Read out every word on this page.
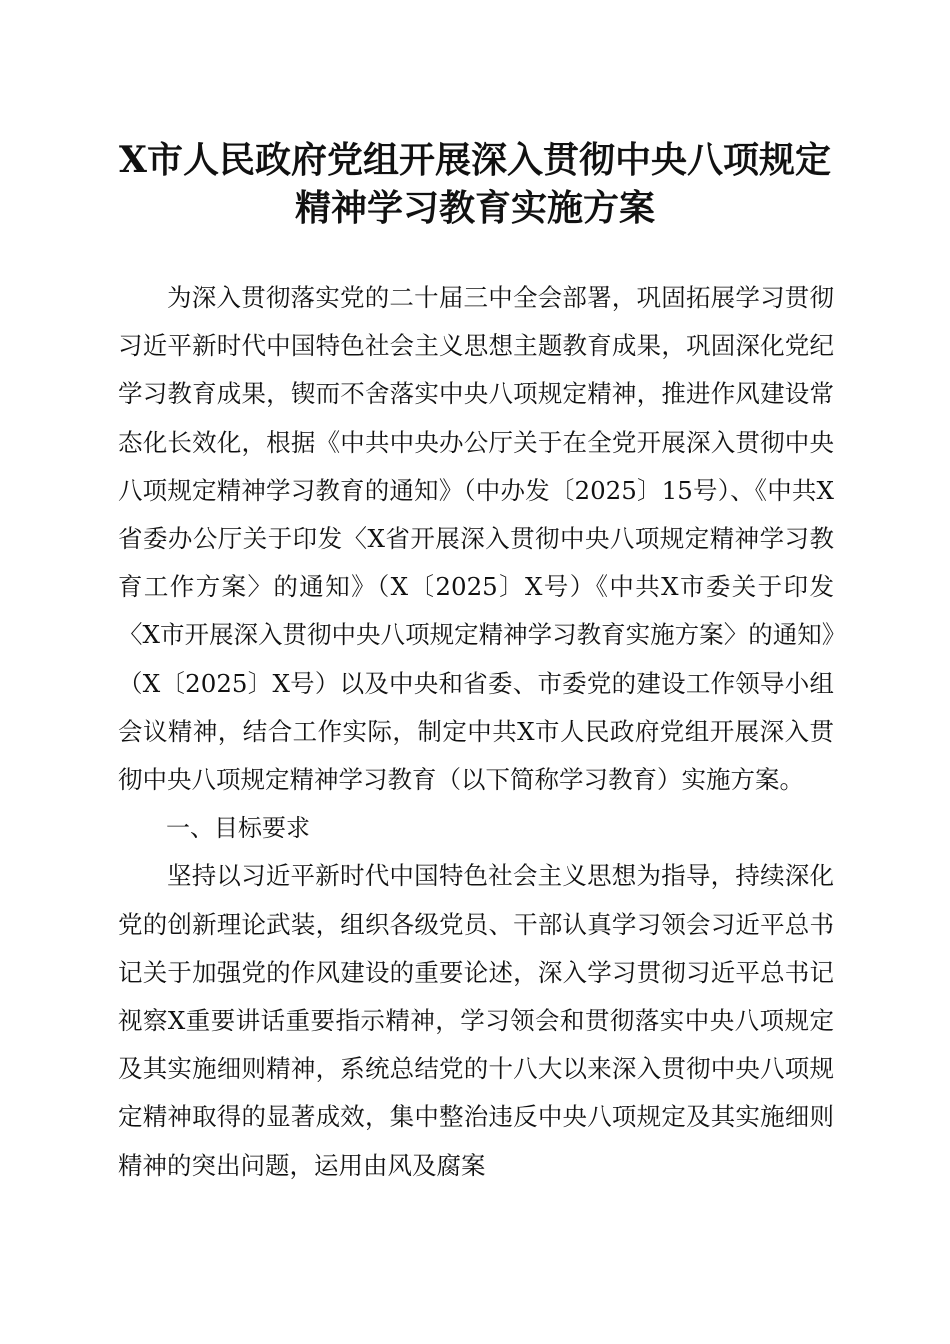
X市人民政府党组开展深入贯彻中央八项规定
精神学习教育实施方案

为深入贯彻落实党的二十届三中全会部署，巩固拓展学习贯彻习近平新时代中国特色社会主义思想主题教育成果，巩固深化党纪学习教育成果，锲而不舍落实中央八项规定精神，推进作风建设常态化长效化，根据《中共中央办公厅关于在全党开展深入贯彻中央八项规定精神学习教育的通知》（中办发〔2025〕15号）、《中共X省委办公厅关于印发〈X省开展深入贯彻中央八项规定精神学习教育工作方案〉的通知》（X〔2025〕X号）《中共X市委关于印发〈X市开展深入贯彻中央八项规定精神学习教育实施方案〉的通知》（X〔2025〕X号）以及中央和省委、市委党的建设工作领导小组会议精神，结合工作实际，制定中共X市人民政府党组开展深入贯彻中央八项规定精神学习教育（以下简称学习教育）实施方案。

一、目标要求

坚持以习近平新时代中国特色社会主义思想为指导，持续深化党的创新理论武装，组织各级党员、干部认真学习领会习近平总书记关于加强党的作风建设的重要论述，深入学习贯彻习近平总书记视察X重要讲话重要指示精神，学习领会和贯彻落实中央八项规定及其实施细则精神，系统总结党的十八大以来深入贯彻中央八项规定精神取得的显著成效，集中整治违反中央八项规定及其实施细则精神的突出问题，运用由风及腐案
